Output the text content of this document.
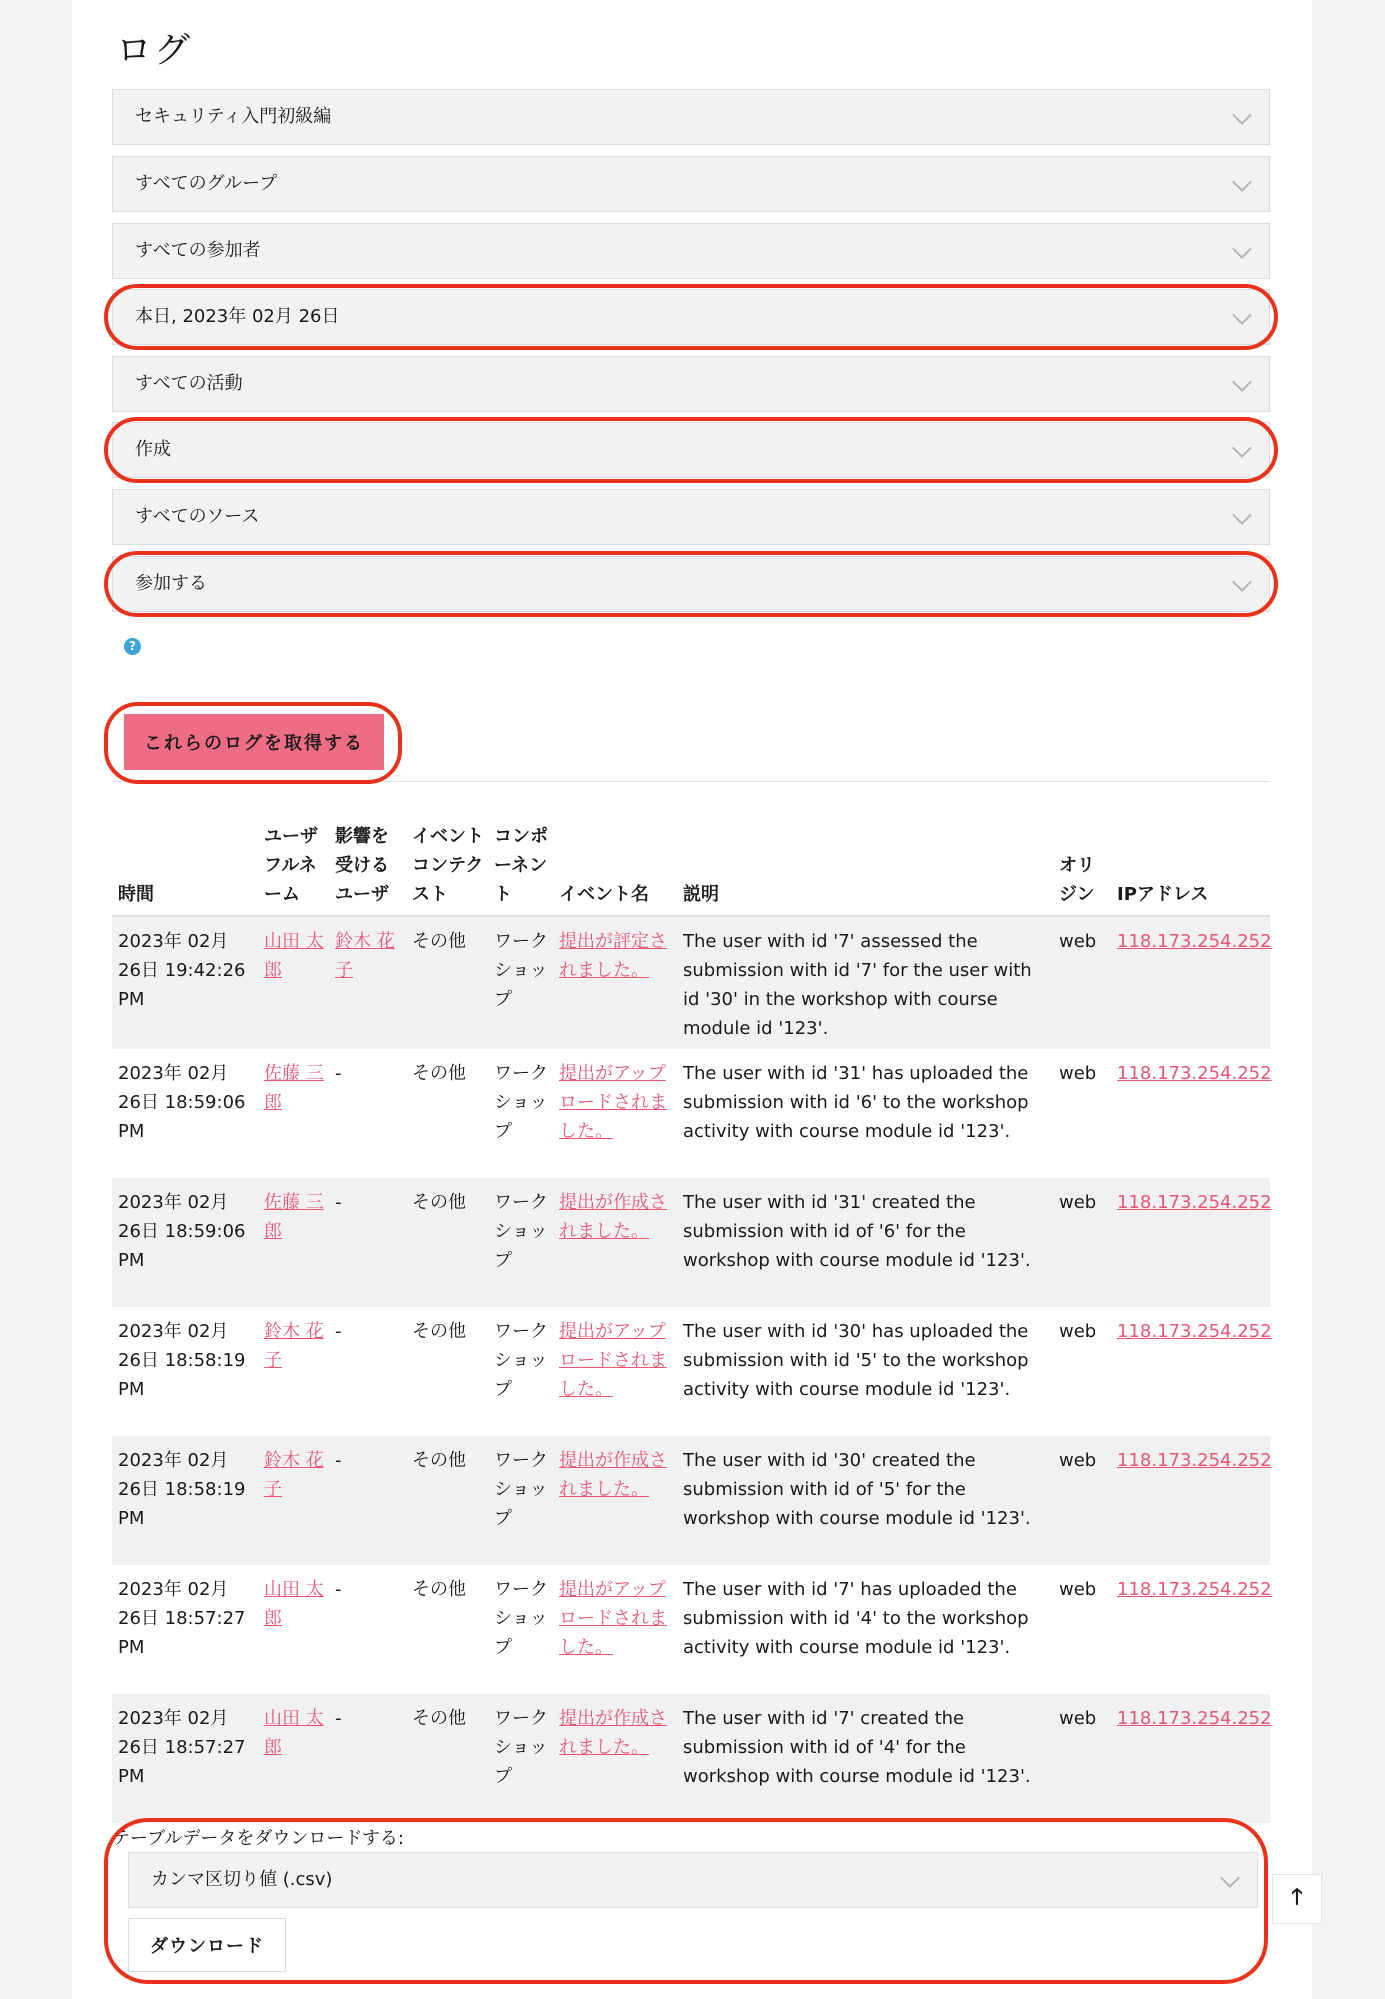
ログ
セキュリティ入門初級編
すべてのグループ
すべての参加者
本日, 2023年 02月 26日
すべての活動
作成
すべてのソース
参加する
?
これらのログを取得する
時間	ユーザフルネーム	影響を受けるユーザ	イベントコンテクスト	コンポーネント	イベント名	説明	オリジン	IPアドレス
2023年 02月 26日 19:42:26 PM	山田 太郎	鈴木 花子	その他	ワークショップ	提出が評定されました。	The user with id '7' assessed the submission with id '7' for the user with id '30' in the workshop with course module id '123'.	web	118.173.254.252
2023年 02月 26日 18:59:06 PM	佐藤 三郎	-	その他	ワークショップ	提出がアップロードされました。	The user with id '31' has uploaded the submission with id '6' to the workshop activity with course module id '123'.	web	118.173.254.252
2023年 02月 26日 18:59:06 PM	佐藤 三郎	-	その他	ワークショップ	提出が作成されました。	The user with id '31' created the submission with id of '6' for the workshop with course module id '123'.	web	118.173.254.252
2023年 02月 26日 18:58:19 PM	鈴木 花子	-	その他	ワークショップ	提出がアップロードされました。	The user with id '30' has uploaded the submission with id '5' to the workshop activity with course module id '123'.	web	118.173.254.252
2023年 02月 26日 18:58:19 PM	鈴木 花子	-	その他	ワークショップ	提出が作成されました。	The user with id '30' created the submission with id of '5' for the workshop with course module id '123'.	web	118.173.254.252
2023年 02月 26日 18:57:27 PM	山田 太郎	-	その他	ワークショップ	提出がアップロードされました。	The user with id '7' has uploaded the submission with id '4' to the workshop activity with course module id '123'.	web	118.173.254.252
2023年 02月 26日 18:57:27 PM	山田 太郎	-	その他	ワークショップ	提出が作成されました。	The user with id '7' created the submission with id of '4' for the workshop with course module id '123'.	web	118.173.254.252
テーブルデータをダウンロードする:
カンマ区切り値 (.csv)
ダウンロード
🡑
